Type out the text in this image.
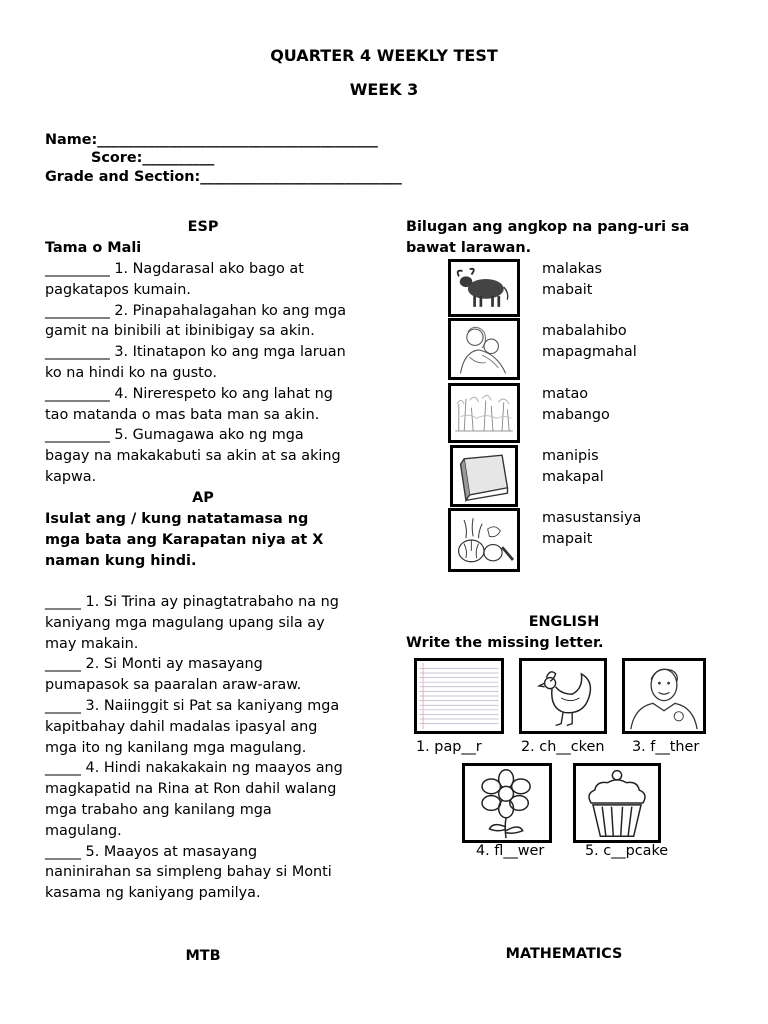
QUARTER 4 WEEKLY TEST
WEEK 3
Name:_______________________________________
Score:__________
Grade and Section:____________________________
ESP
Tama o Mali
_________ 1. Nagdarasal ako bago at
pagkatapos kumain.
_________ 2. Pinapahalagahan ko ang mga
gamit na binibili at ibinibigay sa akin.
_________ 3. Itinatapon ko ang mga laruan
ko na hindi ko na gusto.
_________ 4. Nirerespeto ko ang lahat ng
tao matanda o mas bata man sa akin.
_________ 5. Gumagawa ako ng mga
bagay na makakabuti sa akin at sa aking
kapwa.
AP
Isulat ang / kung natatamasa ng
mga bata ang Karapatan niya at X
naman kung hindi.
_____ 1. Si Trina ay pinagtatrabaho na ng
kaniyang mga magulang upang sila ay
may makain.
_____ 2. Si Monti ay masayang
pumapasok sa paaralan araw-araw.
_____ 3. Naiinggit si Pat sa kaniyang mga
kapitbahay dahil madalas ipasyal ang
mga ito ng kanilang mga magulang.
_____ 4. Hindi nakakakain ng maayos ang
magkapatid na Rina at Ron dahil walang
mga trabaho ang kanilang mga
magulang.
_____ 5. Maayos at masayang
naninirahan sa simpleng bahay si Monti
kasama ng kaniyang pamilya.
Bilugan ang angkop na pang-uri sa
bawat larawan.
malakas
mabait
mabalahibo
mapagmahal
matao
mabango
manipis
makapal
masustansiya
mapait
ENGLISH
Write the missing letter.
1. pap__r	2. ch__cken 3. f__ther
4. fl__wer	5. c__pcake
MTB	MATHEMATICS
